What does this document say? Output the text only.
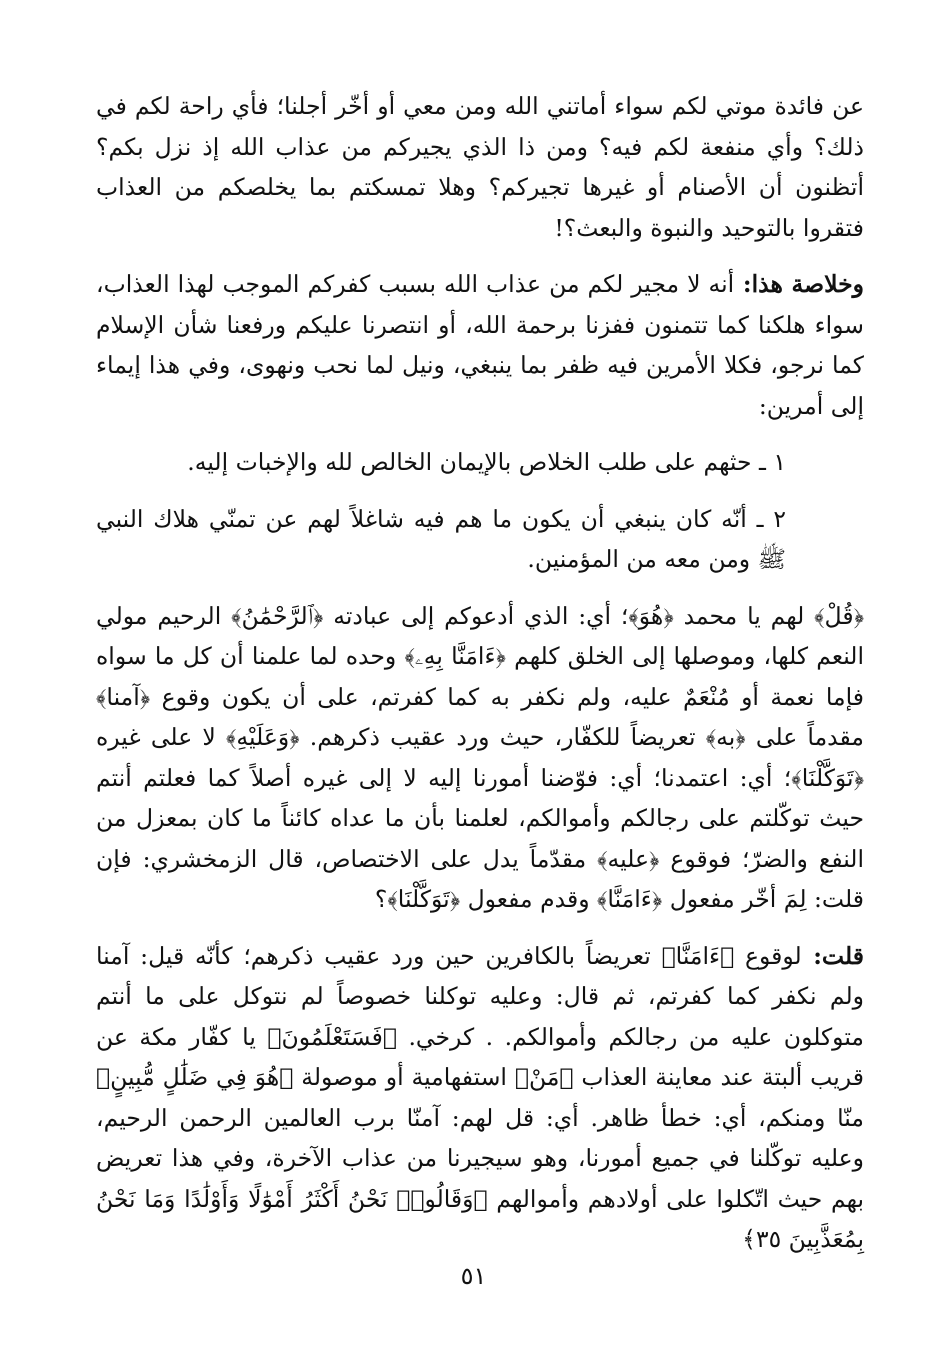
عن فائدة موتي لكم سواء أماتني الله ومن معي أو أخّر أجلنا؛ فأي راحة لكم في ذلك؟ وأي منفعة لكم فيه؟ ومن ذا الذي يجيركم من عذاب الله إذ نزل بكم؟ أتظنون أن الأصنام أو غيرها تجيركم؟ وهلا تمسكتم بما يخلصكم من العذاب فتقروا بالتوحيد والنبوة والبعث؟!

وخلاصة هذا: أنه لا مجير لكم من عذاب الله بسبب كفركم الموجب لهذا العذاب، سواء هلكنا كما تتمنون ففزنا برحمة الله، أو انتصرنا عليكم ورفعنا شأن الإسلام كما نرجو، فكلا الأمرين فيه ظفر بما ينبغي، ونيل لما نحب ونهوى، وفي هذا إيماء إلى أمرين:

١ ـ حثهم على طلب الخلاص بالإيمان الخالص لله والإخبات إليه.

٢ ـ أنّه كان ينبغي أن يكون ما هم فيه شاغلاً لهم عن تمنّي هلاك النبي ﷺ ومن معه من المؤمنين.

﴿قُلْ﴾ لهم يا محمد ﴿هُوَ﴾؛ أي: الذي أدعوكم إلى عبادته ﴿ٱلرَّحْمَٰنُ﴾ الرحيم مولي النعم كلها، وموصلها إلى الخلق كلهم ﴿ءَامَنَّا بِهِۦ﴾ وحده لما علمنا أن كل ما سواه فإما نعمة أو مُنْعَمٌ عليه، ولم نكفر به كما كفرتم، على أن يكون وقوع ﴿آمنا﴾ مقدماً على ﴿به﴾ تعريضاً للكفّار، حيث ورد عقيب ذكرهم. ﴿وَعَلَيْهِ﴾ لا على غيره ﴿تَوَكَّلْنَا﴾؛ أي: اعتمدنا؛ أي: فوّضنا أمورنا إليه لا إلى غيره أصلاً كما فعلتم أنتم حيث توكّلتم على رجالكم وأموالكم، لعلمنا بأن ما عداه كائناً ما كان بمعزل من النفع والضرّ؛ فوقوع ﴿عليه﴾ مقدّماً يدل على الاختصاص، قال الزمخشري: فإن قلت: لِمَ أخّر مفعول ﴿ءَامَنَّا﴾ وقدم مفعول ﴿تَوَكَّلْنَا﴾؟

قلت: لوقوع ﴿ءَامَنَّا﴾ تعريضاً بالكافرين حين ورد عقيب ذكرهم؛ كأنّه قيل: آمنا ولم نكفر كما كفرتم، ثم قال: وعليه توكلنا خصوصاً لم نتوكل على ما أنتم متوكلون عليه من رجالكم وأموالكم. . كرخي. ﴿فَسَتَعْلَمُونَ﴾ يا كفّار مكة عن قريب ألبتة عند معاينة العذاب ﴿مَنْ﴾ استفهامية أو موصولة ﴿هُوَ فِي ضَلَٰلٍ مُّبِينٍ﴾ منّا ومنكم، أي: خطأ ظاهر. أي: قل لهم: آمنّا برب العالمين الرحمن الرحيم، وعليه توكّلنا في جميع أمورنا، وهو سيجيرنا من عذاب الآخرة، وفي هذا تعريض بهم حيث اتّكلوا على أولادهم وأموالهم ﴿وَقَالُوا۟ نَحْنُ أَكْثَرُ أَمْوَٰلًا وَأَوْلَٰدًا وَمَا نَحْنُ بِمُعَذَّبِينَ ٣٥﴾

٥١
